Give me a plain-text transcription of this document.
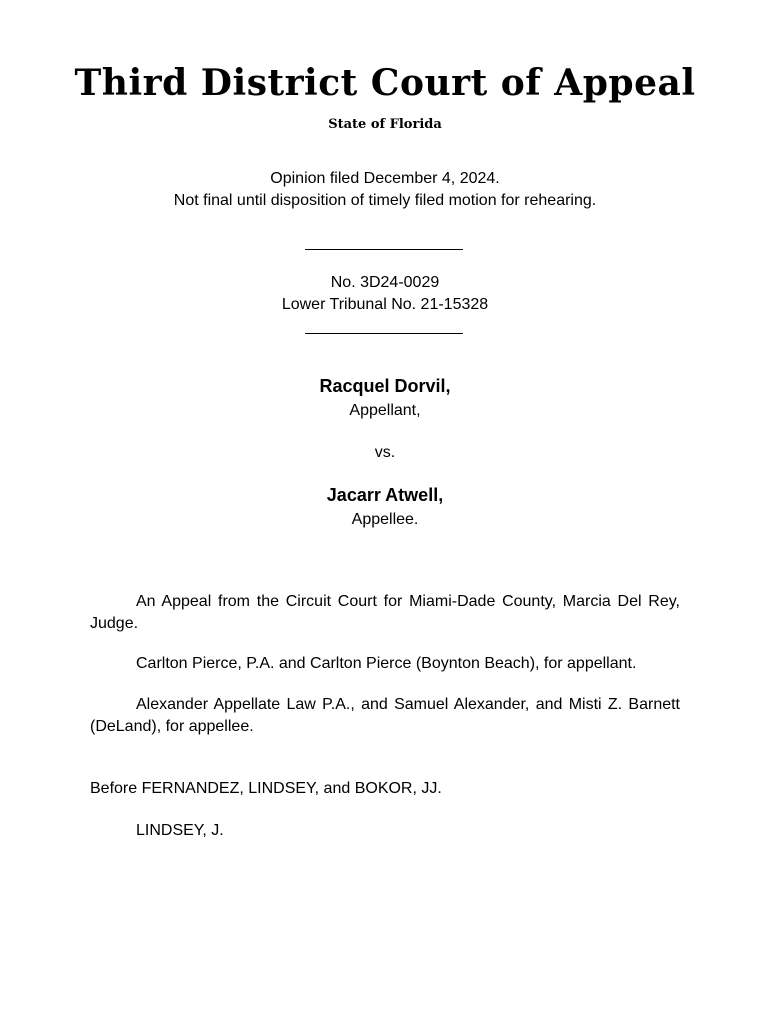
Third District Court of Appeal
State of Florida
Opinion filed December 4, 2024.
Not final until disposition of timely filed motion for rehearing.
No. 3D24-0029
Lower Tribunal No. 21-15328
Racquel Dorvil,
Appellant,
vs.
Jacarr Atwell,
Appellee.
An Appeal from the Circuit Court for Miami-Dade County, Marcia Del Rey, Judge.
Carlton Pierce, P.A. and Carlton Pierce (Boynton Beach), for appellant.
Alexander Appellate Law P.A., and Samuel Alexander, and Misti Z. Barnett (DeLand), for appellee.
Before FERNANDEZ, LINDSEY, and BOKOR, JJ.
LINDSEY, J.
